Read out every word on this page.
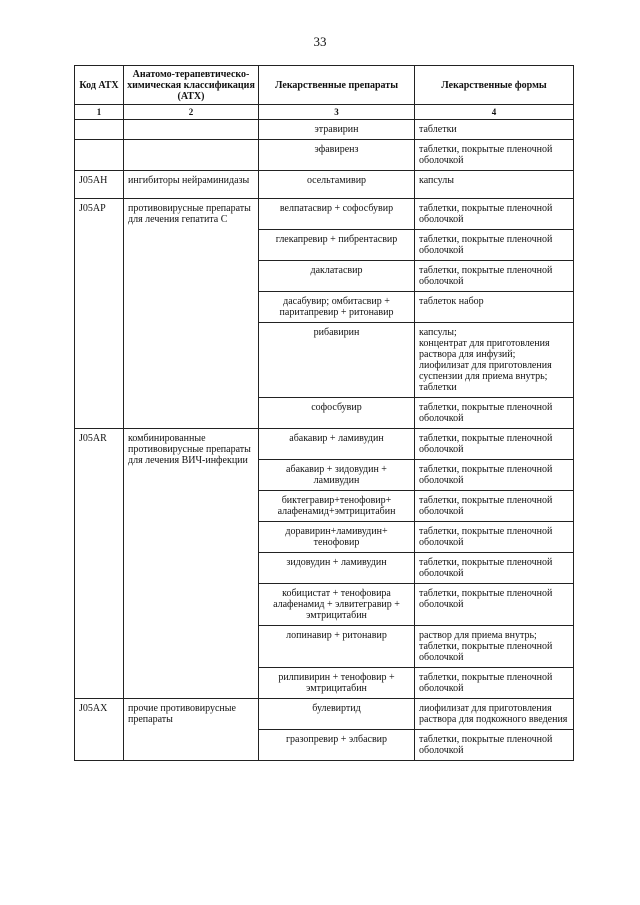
33
Код АТХ	Анатомо-терапевтическо-химическая классификация (АТХ)	Лекарственные препараты	Лекарственные формы
1	2	3	4
		этравирин	таблетки
		эфавиренз	таблетки, покрытые пленочной оболочкой
J05AH	ингибиторы нейраминидазы	осельтамивир	капсулы
J05AP	противовирусные препараты для лечения гепатита C	велпатасвир + софосбувир	таблетки, покрытые пленочной оболочкой
		глекапревир + пибрентасвир	таблетки, покрытые пленочной оболочкой
		даклатасвир	таблетки, покрытые пленочной оболочкой
		дасабувир; омбитасвир + паритапревир + ритонавир	таблеток набор
		рибавирин	капсулы;
концентрат для приготовления раствора для инфузий;
лиофилизат для приготовления суспензии для приема внутрь;
таблетки
		софосбувир	таблетки, покрытые пленочной оболочкой
J05AR	комбинированные противовирусные препараты для лечения ВИЧ-инфекции	абакавир + ламивудин	таблетки, покрытые пленочной оболочкой
		абакавир + зидовудин + ламивудин	таблетки, покрытые пленочной оболочкой
		биктегравир+тенофовир+ алафенамид+эмтрицитабин	таблетки, покрытые пленочной оболочкой
		доравирин+ламивудин+ тенофовир	таблетки, покрытые пленочной оболочкой
		зидовудин + ламивудин	таблетки, покрытые пленочной оболочкой
		кобицистат + тенофовира алафенамид + элвитегравир + эмтрицитабин	таблетки, покрытые пленочной оболочкой
		лопинавир + ритонавир	раствор для приема внутрь;
таблетки, покрытые пленочной оболочкой
		рилпивирин + тенофовир + эмтрицитабин	таблетки, покрытые пленочной оболочкой
J05AX	прочие противовирусные препараты	булевиртид	лиофилизат для приготовления раствора для подкожного введения
		гразопревир + элбасвир	таблетки, покрытые пленочной оболочкой
